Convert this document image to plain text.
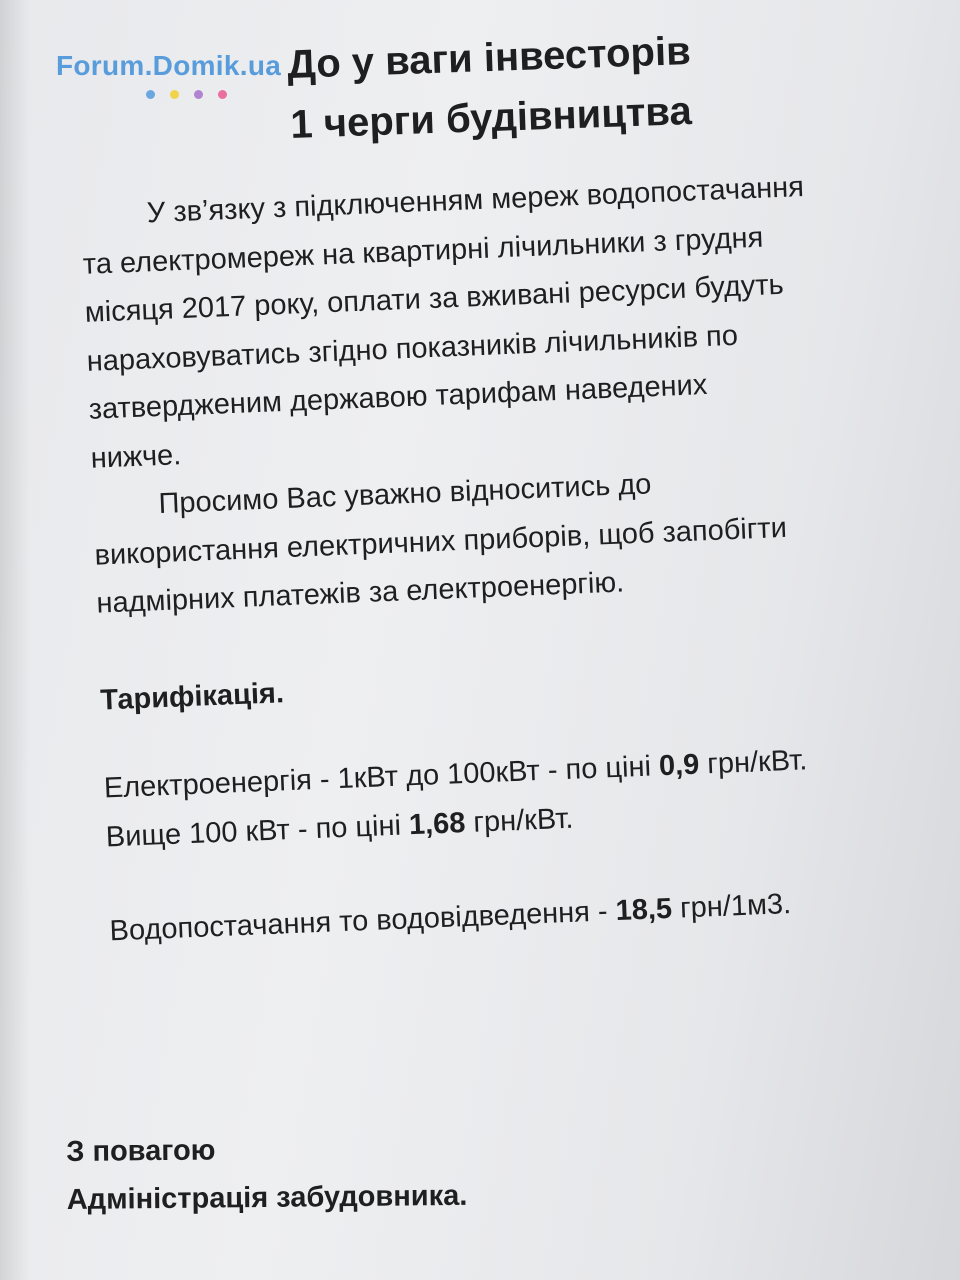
Forum.Domik.ua До у ваги інвесторів
1 черги будівництва

У зв’язку з підключенням мереж водопостачання

та електромереж на квартирні лічильники з грудня

місяця 2017 року, оплати за вживані ресурси будуть

нараховуватись згідно показників лічильників по

затвердженим державою тарифам наведених

нижче.

Просимо Вас уважно відноситись до

використання електричних приборів, щоб запобігти

надмірних платежів за електроенергію.

Тарифікація.

Електроенергія - 1кВт до 100кВт - по ціні 0,9 грн/кВт.

Вище 100 кВт - по ціні 1,68 грн/кВт.

Водопостачання то водовідведення - 18,5 грн/1м3.

З повагою
Адміністрація забудовника.
